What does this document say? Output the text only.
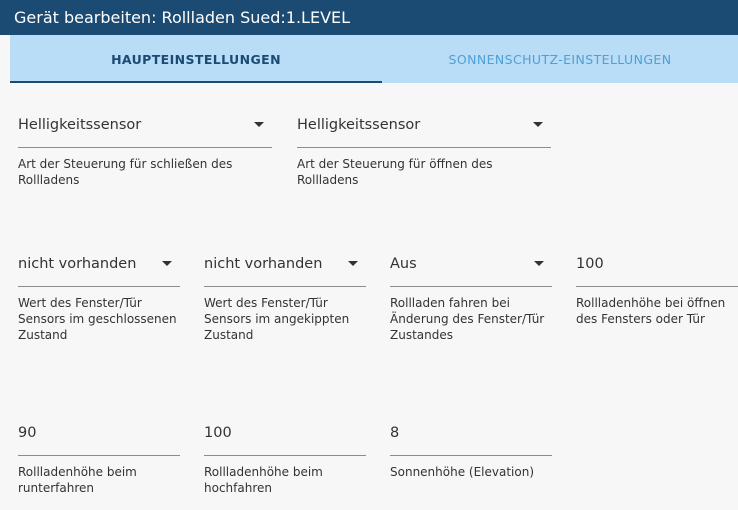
Gerät bearbeiten: Rollladen Sued:1.LEVEL
HAUPTEINSTELLUNGEN	SONNENSCHUTZ-EINSTELLUNGEN
Helligkeitssensor
Art der Steuerung für schließen des Rollladens
Helligkeitssensor
Art der Steuerung für öffnen des Rollladens
nicht vorhanden
Wert des Fenster/Tür Sensors im geschlossenen Zustand
nicht vorhanden
Wert des Fenster/Tür Sensors im angekippten Zustand
Aus
Rollladen fahren bei Änderung des Fenster/Tür Zustandes
100
Rollladenhöhe bei öffnen des Fensters oder Tür
90
Rollladenhöhe beim runterfahren
100
Rollladenhöhe beim hochfahren
8
Sonnenhöhe (Elevation)
